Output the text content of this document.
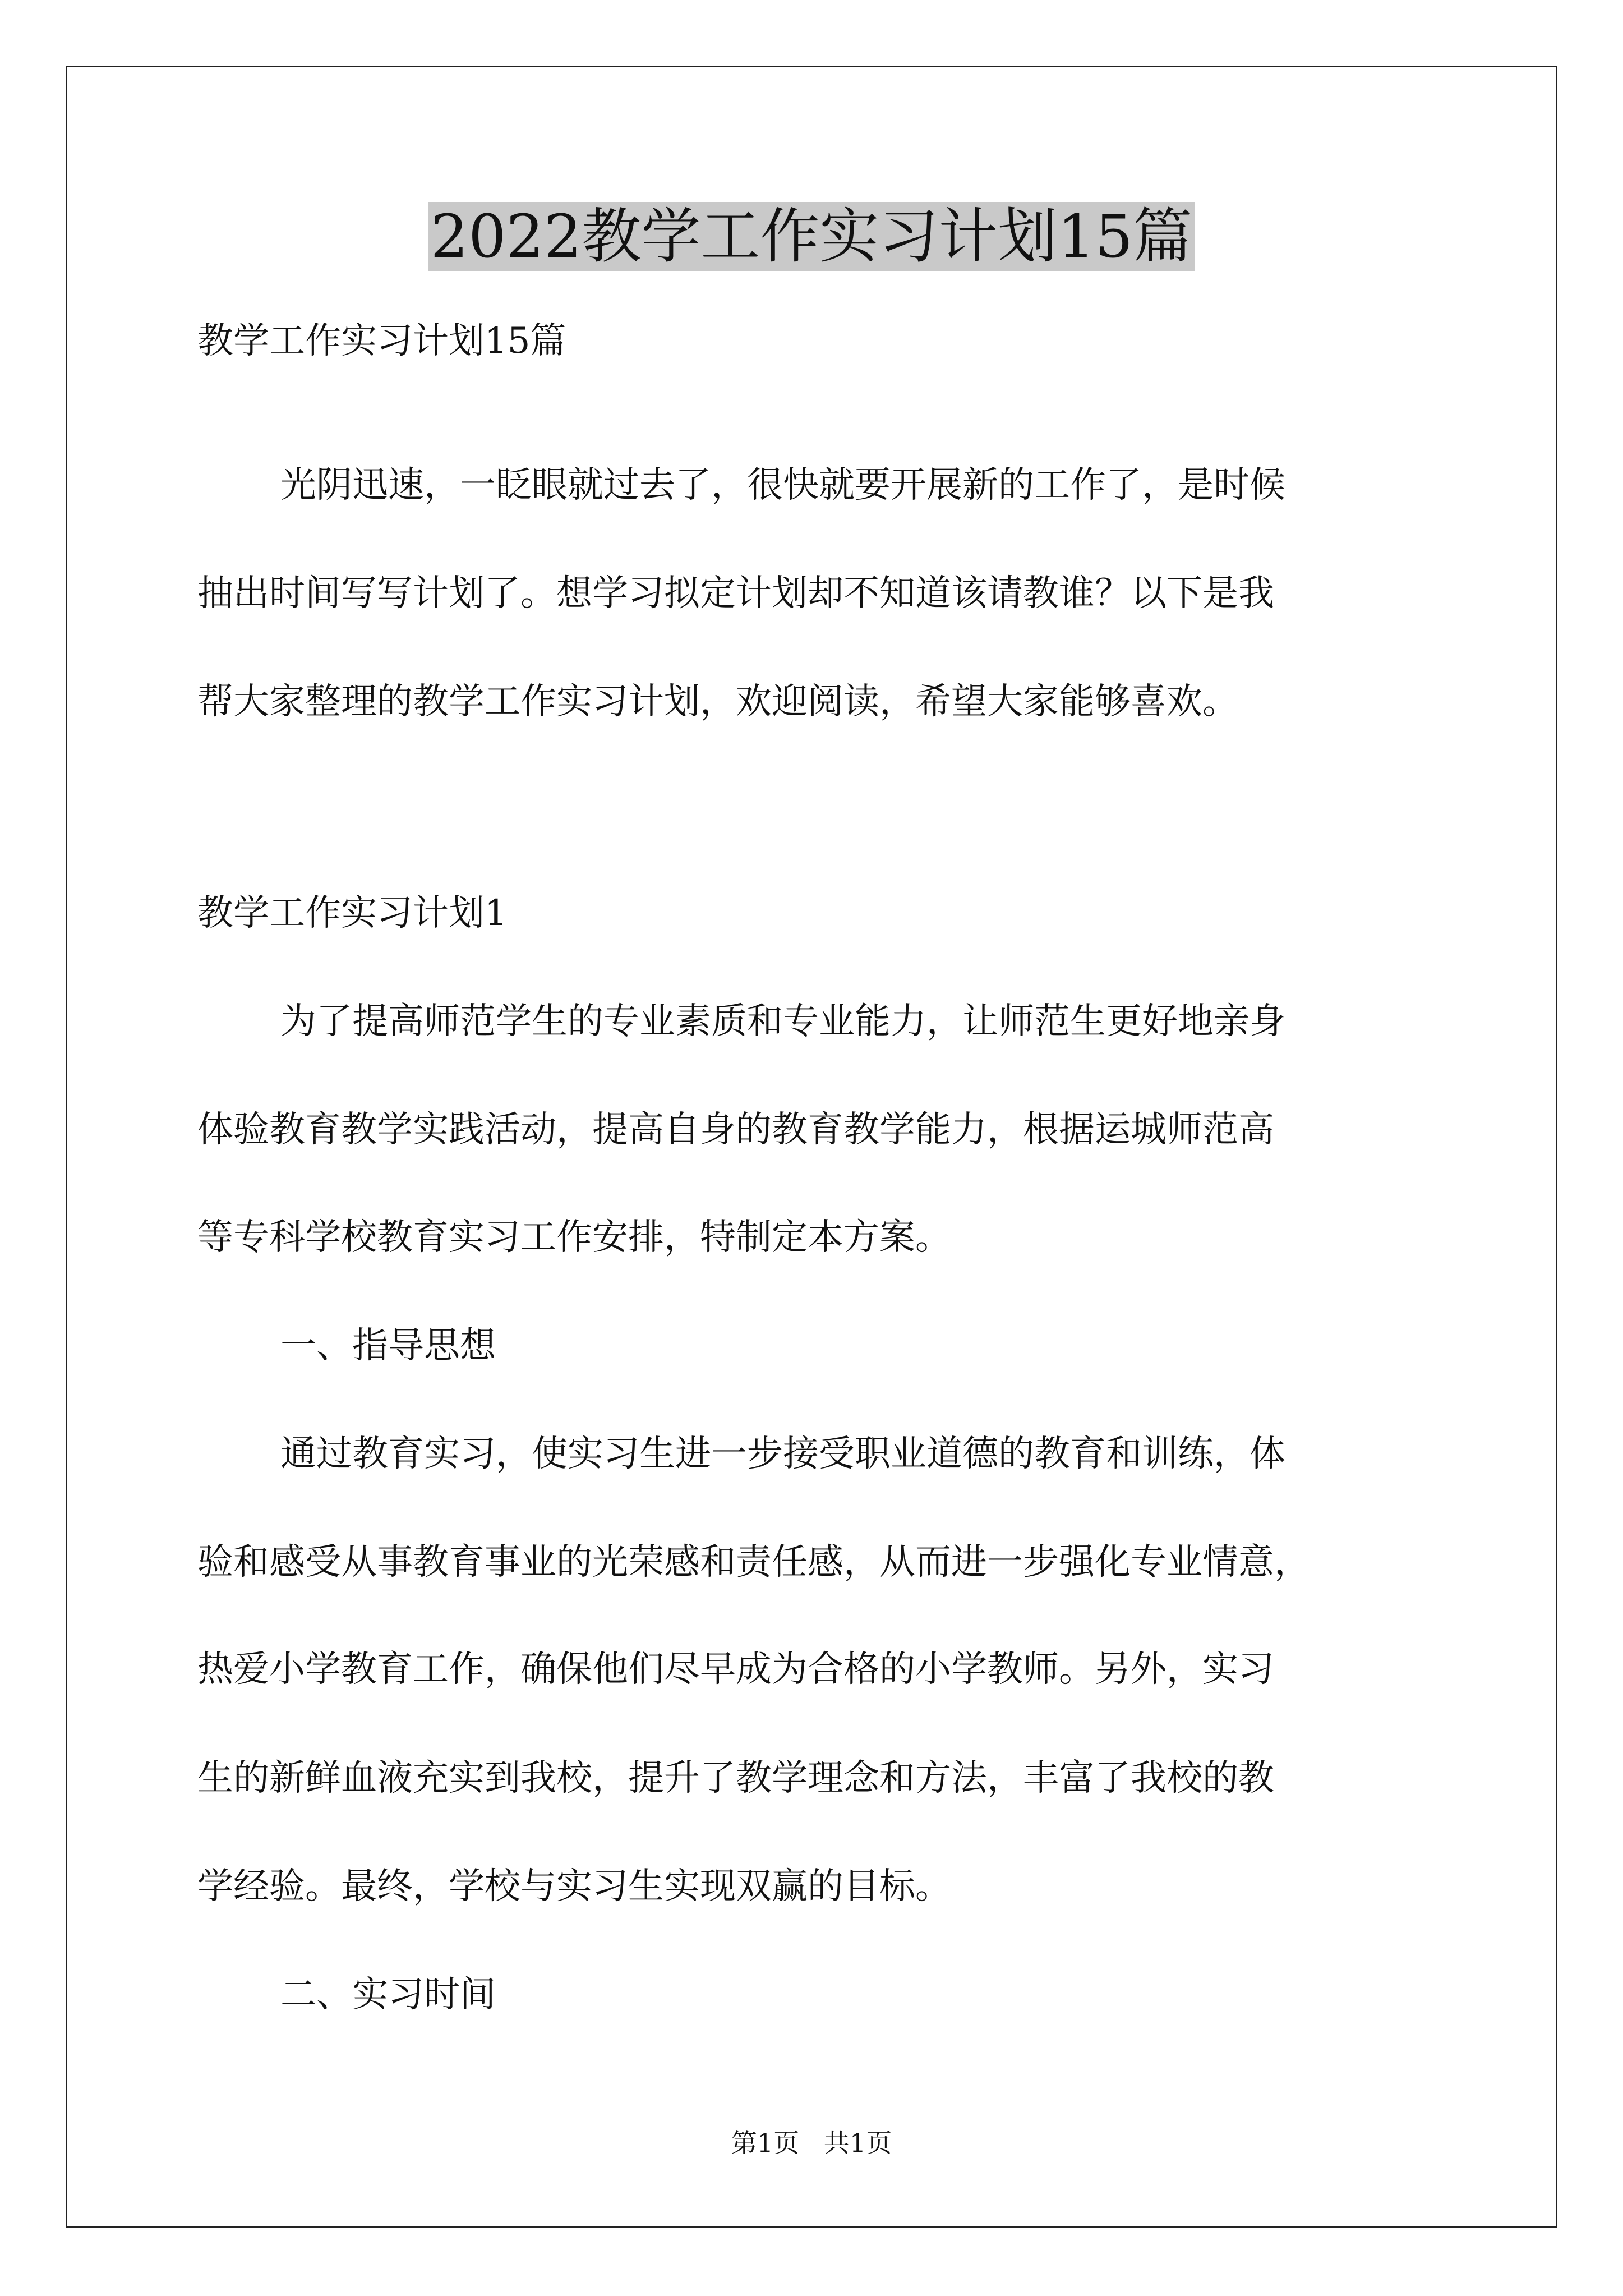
2022教学工作实习计划15篇
教学工作实习计划15篇
光阴迅速，一眨眼就过去了，很快就要开展新的工作了，是时候
抽出时间写写计划了。想学习拟定计划却不知道该请教谁？以下是我
帮大家整理的教学工作实习计划，欢迎阅读，希望大家能够喜欢。
教学工作实习计划1
为了提高师范学生的专业素质和专业能力，让师范生更好地亲身
体验教育教学实践活动，提高自身的教育教学能力，根据运城师范高
等专科学校教育实习工作安排，特制定本方案。
一、指导思想
通过教育实习，使实习生进一步接受职业道德的教育和训练，体
验和感受从事教育事业的光荣感和责任感，从而进一步强化专业情意，
热爱小学教育工作，确保他们尽早成为合格的小学教师。另外，实习
生的新鲜血液充实到我校，提升了教学理念和方法，丰富了我校的教
学经验。最终，学校与实习生实现双赢的目标。
二、实习时间
第1页   共1页
